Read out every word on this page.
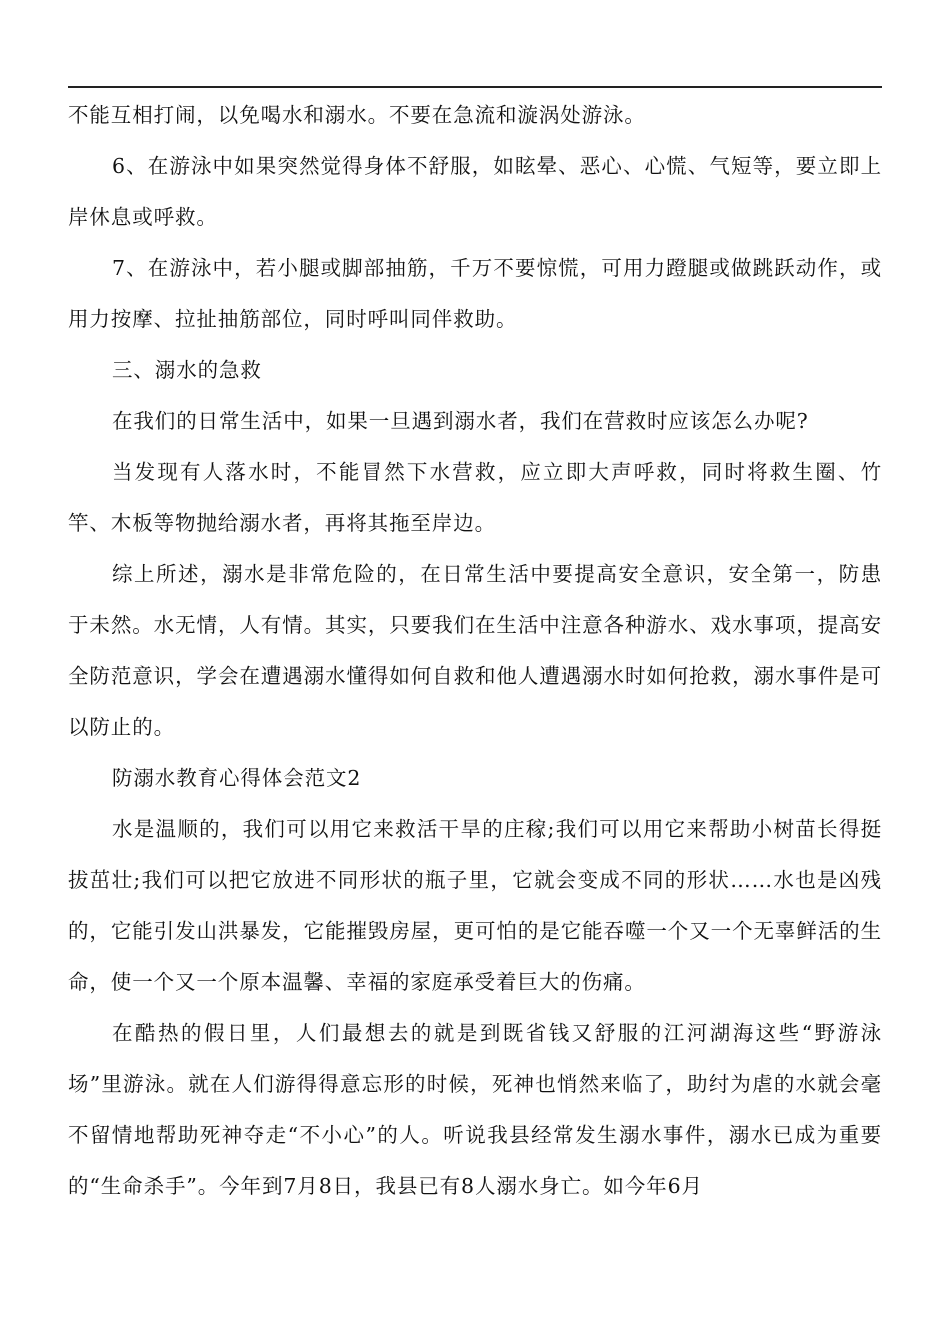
不能互相打闹，以免喝水和溺水。不要在急流和漩涡处游泳。

6、在游泳中如果突然觉得身体不舒服，如眩晕、恶心、心慌、气短等，要立即上岸休息或呼救。

7、在游泳中，若小腿或脚部抽筋，千万不要惊慌，可用力蹬腿或做跳跃动作，或用力按摩、拉扯抽筋部位，同时呼叫同伴救助。

三、溺水的急救

在我们的日常生活中，如果一旦遇到溺水者，我们在营救时应该怎么办呢?

当发现有人落水时，不能冒然下水营救，应立即大声呼救，同时将救生圈、竹竿、木板等物抛给溺水者，再将其拖至岸边。

综上所述，溺水是非常危险的，在日常生活中要提高安全意识，安全第一，防患于未然。水无情，人有情。其实，只要我们在生活中注意各种游水、戏水事项，提高安全防范意识，学会在遭遇溺水懂得如何自救和他人遭遇溺水时如何抢救，溺水事件是可以防止的。

防溺水教育心得体会范文2

水是温顺的，我们可以用它来救活干旱的庄稼;我们可以用它来帮助小树苗长得挺拔茁壮;我们可以把它放进不同形状的瓶子里，它就会变成不同的形状……水也是凶残的，它能引发山洪暴发，它能摧毁房屋，更可怕的是它能吞噬一个又一个无辜鲜活的生命，使一个又一个原本温馨、幸福的家庭承受着巨大的伤痛。

在酷热的假日里，人们最想去的就是到既省钱又舒服的江河湖海这些“野游泳场”里游泳。就在人们游得得意忘形的时候，死神也悄然来临了，助纣为虐的水就会毫不留情地帮助死神夺走“不小心”的人。听说我县经常发生溺水事件，溺水已成为重要的“生命杀手”。今年到7月8日，我县已有8人溺水身亡。如今年6月
